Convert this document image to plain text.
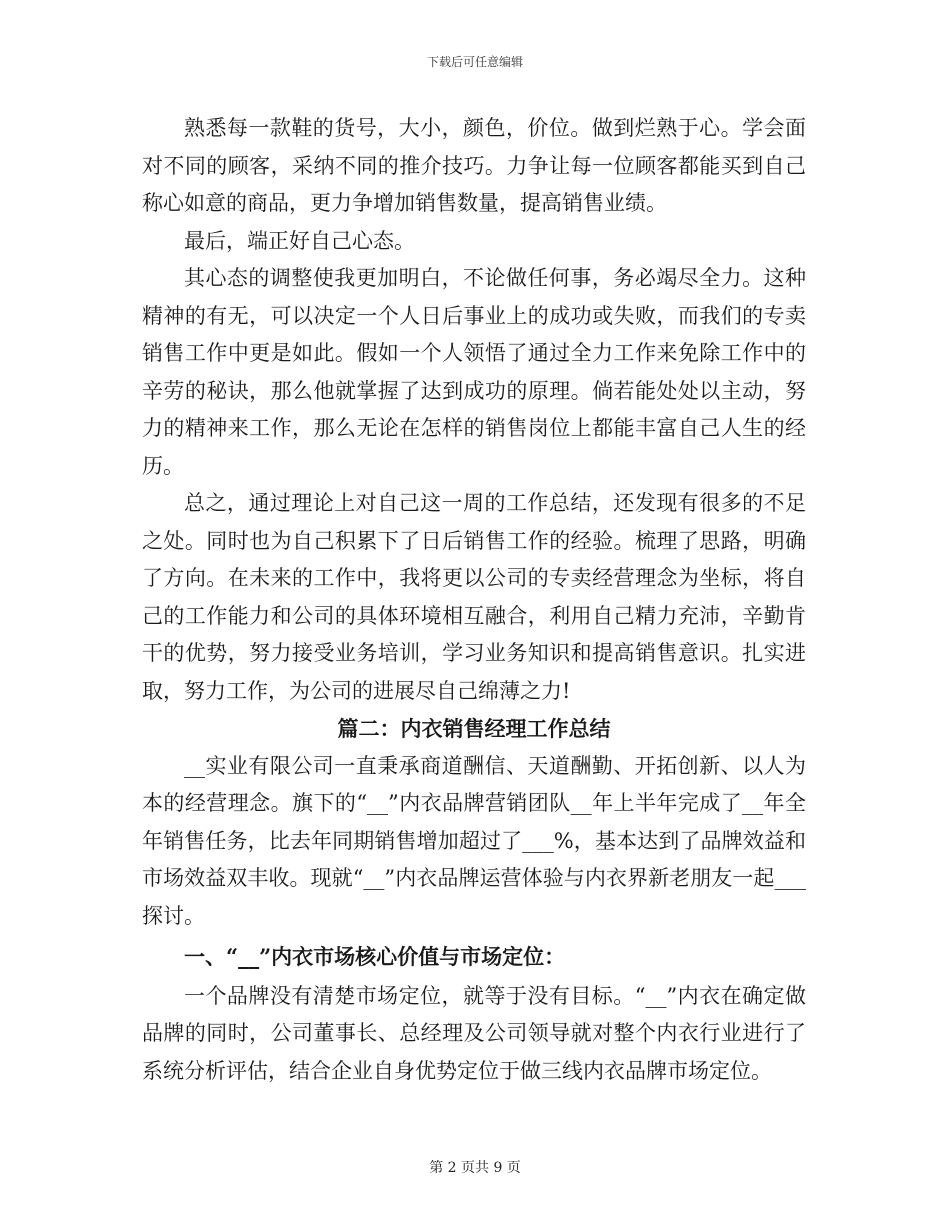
下载后可任意编辑

熟悉每一款鞋的货号，大小，颜色，价位。做到烂熟于心。学会面对不同的顾客，采纳不同的推介技巧。力争让每一位顾客都能买到自己称心如意的商品，更力争增加销售数量，提高销售业绩。

最后，端正好自己心态。

其心态的调整使我更加明白，不论做任何事，务必竭尽全力。这种精神的有无，可以决定一个人日后事业上的成功或失败，而我们的专卖销售工作中更是如此。假如一个人领悟了通过全力工作来免除工作中的辛劳的秘诀，那么他就掌握了达到成功的原理。倘若能处处以主动，努力的精神来工作，那么无论在怎样的销售岗位上都能丰富自己人生的经历。

总之，通过理论上对自己这一周的工作总结，还发现有很多的不足之处。同时也为自己积累下了日后销售工作的经验。梳理了思路，明确了方向。在未来的工作中，我将更以公司的专卖经营理念为坐标，将自己的工作能力和公司的具体环境相互融合，利用自己精力充沛，辛勤肯干的优势，努力接受业务培训，学习业务知识和提高销售意识。扎实进取，努力工作，为公司的进展尽自己绵薄之力!

篇二：内衣销售经理工作总结

__实业有限公司一直秉承商道酬信、天道酬勤、开拓创新、以人为本的经营理念。旗下的“__”内衣品牌营销团队__年上半年完成了__年全年销售任务，比去年同期销售增加超过了___%，基本达到了品牌效益和市场效益双丰收。现就“__”内衣品牌运营体验与内衣界新老朋友一起___探讨。

一、“__”内衣市场核心价值与市场定位：

一个品牌没有清楚市场定位，就等于没有目标。“__”内衣在确定做品牌的同时，公司董事长、总经理及公司领导就对整个内衣行业进行了系统分析评估，结合企业自身优势定位于做三线内衣品牌市场定位。

第 2 页共 9 页
